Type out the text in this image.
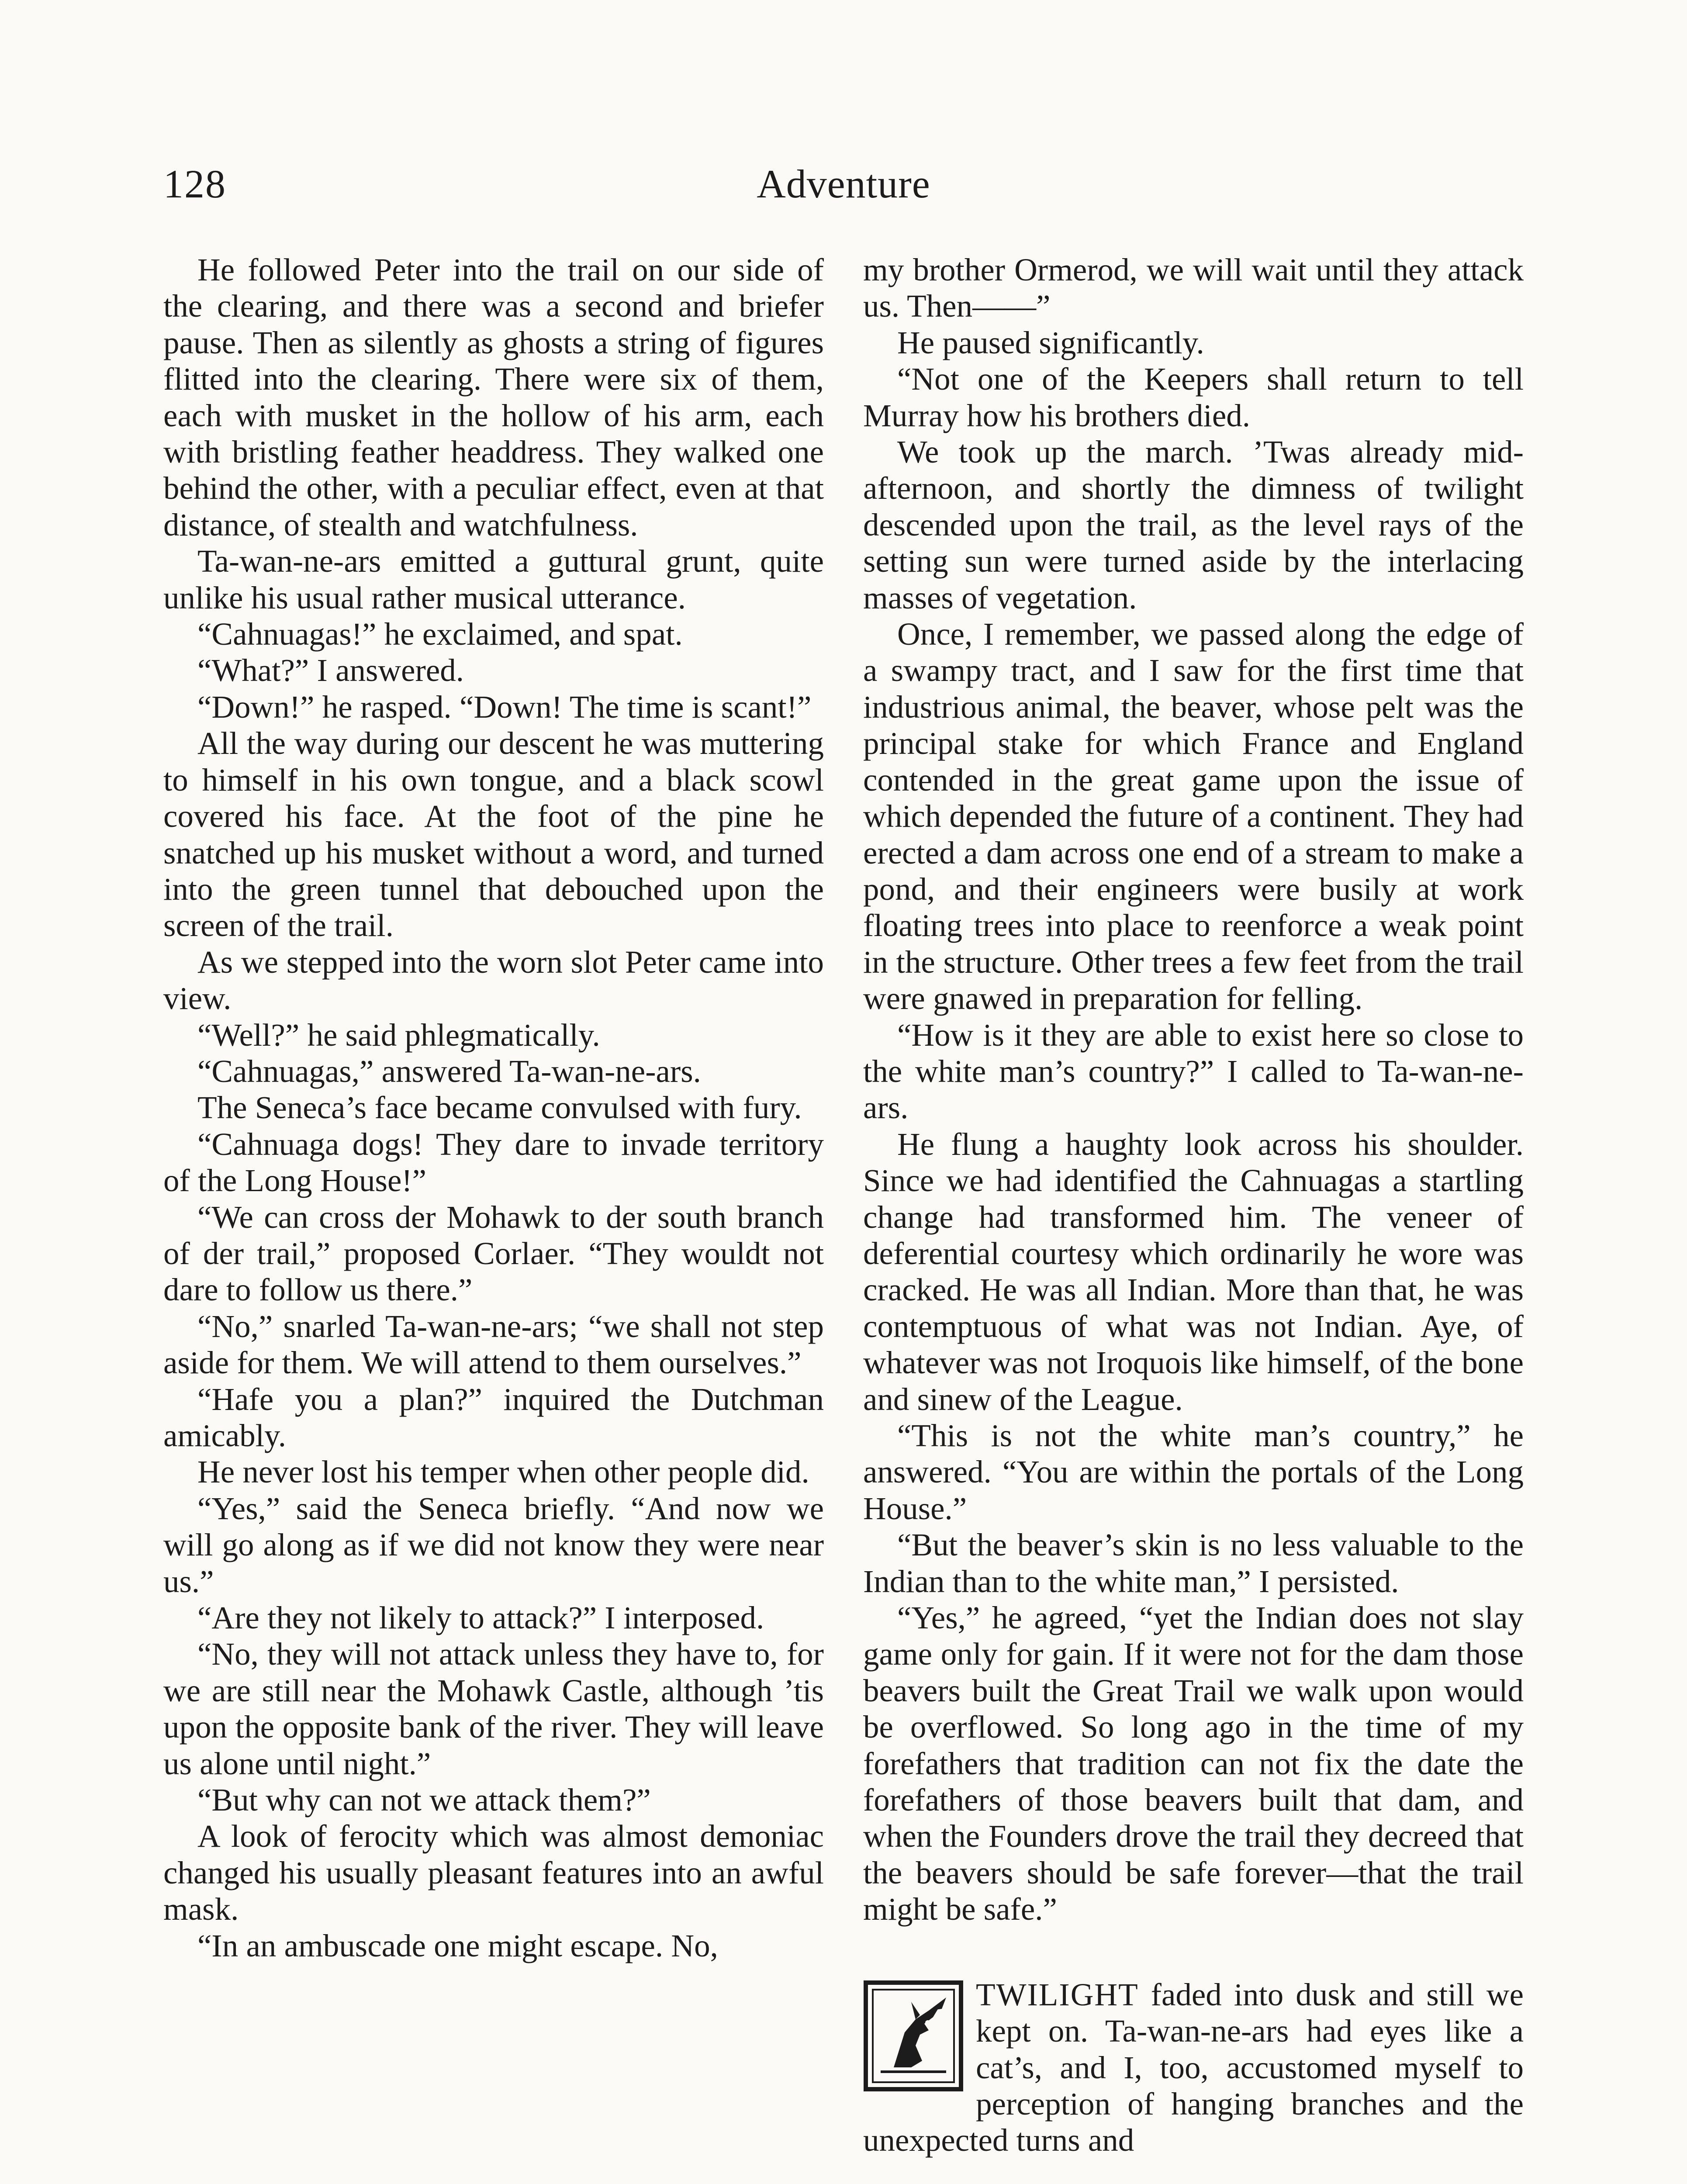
128	Adventure

He followed Peter into the trail on our side of the clearing, and there was a second and briefer pause. Then as silently as ghosts a string of figures flitted into the clearing. There were six of them, each with musket in the hollow of his arm, each with bristling feather headdress. They walked one behind the other, with a peculiar effect, even at that distance, of stealth and watchfulness.

Ta-wan-ne-ars emitted a guttural grunt, quite unlike his usual rather musical utterance.

“Cahnuagas!” he exclaimed, and spat.

“What?” I answered.

“Down!” he rasped. “Down! The time is scant!”

All the way during our descent he was muttering to himself in his own tongue, and a black scowl covered his face. At the foot of the pine he snatched up his musket without a word, and turned into the green tunnel that debouched upon the screen of the trail.

As we stepped into the worn slot Peter came into view.

“Well?” he said phlegmatically.

“Cahnuagas,” answered Ta-wan-ne-ars.

The Seneca’s face became convulsed with fury.

“Cahnuaga dogs! They dare to invade territory of the Long House!”

“We can cross der Mohawk to der south branch of der trail,” proposed Corlaer. “They wouldt not dare to follow us there.”

“No,” snarled Ta-wan-ne-ars; “we shall not step aside for them. We will attend to them ourselves.”

“Hafe you a plan?” inquired the Dutchman amicably.

He never lost his temper when other people did.

“Yes,” said the Seneca briefly. “And now we will go along as if we did not know they were near us.”

“Are they not likely to attack?” I interposed.

“No, they will not attack unless they have to, for we are still near the Mohawk Castle, although ’tis upon the opposite bank of the river. They will leave us alone until night.”

“But why can not we attack them?”

A look of ferocity which was almost demoniac changed his usually pleasant features into an awful mask.

“In an ambuscade one might escape. No,

my brother Ormerod, we will wait until they attack us. Then——”

He paused significantly.

“Not one of the Keepers shall return to tell Murray how his brothers died.

We took up the march. ’Twas already mid-afternoon, and shortly the dimness of twilight descended upon the trail, as the level rays of the setting sun were turned aside by the interlacing masses of vegetation.

Once, I remember, we passed along the edge of a swampy tract, and I saw for the first time that industrious animal, the beaver, whose pelt was the principal stake for which France and England contended in the great game upon the issue of which depended the future of a continent. They had erected a dam across one end of a stream to make a pond, and their engineers were busily at work floating trees into place to reenforce a weak point in the structure. Other trees a few feet from the trail were gnawed in preparation for felling.

“How is it they are able to exist here so close to the white man’s country?” I called to Ta-wan-ne-ars.

He flung a haughty look across his shoulder. Since we had identified the Cahnuagas a startling change had transformed him. The veneer of deferential courtesy which ordinarily he wore was cracked. He was all Indian. More than that, he was contemptuous of what was not Indian. Aye, of whatever was not Iroquois like himself, of the bone and sinew of the League.

“This is not the white man’s country,” he answered. “You are within the portals of the Long House.”

“But the beaver’s skin is no less valuable to the Indian than to the white man,” I persisted.

“Yes,” he agreed, “yet the Indian does not slay game only for gain. If it were not for the dam those beavers built the Great Trail we walk upon would be overflowed. So long ago in the time of my forefathers that tradition can not fix the date the forefathers of those beavers built that dam, and when the Founders drove the trail they decreed that the beavers should be safe forever—that the trail might be safe.”

TWILIGHT faded into dusk and still we kept on. Ta-wan-ne-ars had eyes like a cat’s, and I, too, accustomed myself to perception of hanging branches and the unexpected turns and
